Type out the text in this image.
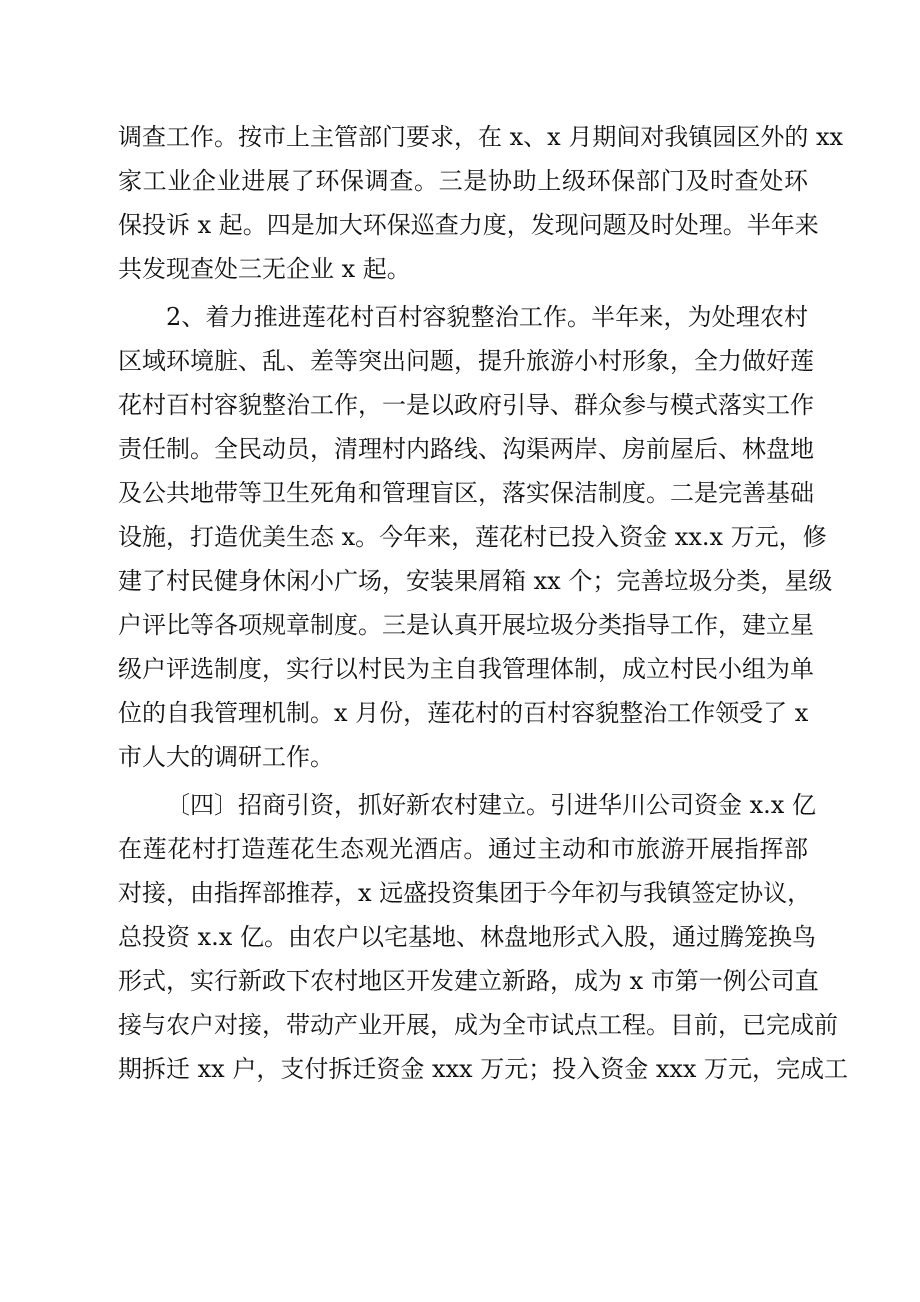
调查工作。按市上主管部门要求，在 x、x 月期间对我镇园区外的 xx
家工业企业进展了环保调查。三是协助上级环保部门及时查处环
保投诉 x 起。四是加大环保巡查力度，发现问题及时处理。半年来
共发现查处三无企业 x 起。
2、着力推进莲花村百村容貌整治工作。半年来，为处理农村
区域环境脏、乱、差等突出问题，提升旅游小村形象，全力做好莲
花村百村容貌整治工作，一是以政府引导、群众参与模式落实工作
责任制。全民动员，清理村内路线、沟渠两岸、房前屋后、林盘地
及公共地带等卫生死角和管理盲区，落实保洁制度。二是完善基础
设施，打造优美生态 x。今年来，莲花村已投入资金 xx.x 万元，修
建了村民健身休闲小广场，安装果屑箱 xx 个；完善垃圾分类，星级
户评比等各项规章制度。三是认真开展垃圾分类指导工作，建立星
级户评选制度，实行以村民为主自我管理体制，成立村民小组为单
位的自我管理机制。x 月份，莲花村的百村容貌整治工作领受了 x
市人大的调研工作。
〔四〕招商引资，抓好新农村建立。引进华川公司资金 x.x 亿
在莲花村打造莲花生态观光酒店。通过主动和市旅游开展指挥部
对接，由指挥部推荐，x 远盛投资集团于今年初与我镇签定协议，
总投资 x.x 亿。由农户以宅基地、林盘地形式入股，通过腾笼换鸟
形式，实行新政下农村地区开发建立新路，成为 x 市第一例公司直
接与农户对接，带动产业开展，成为全市试点工程。目前，已完成前
期拆迁 xx 户，支付拆迁资金 xxx 万元；投入资金 xxx 万元，完成工
